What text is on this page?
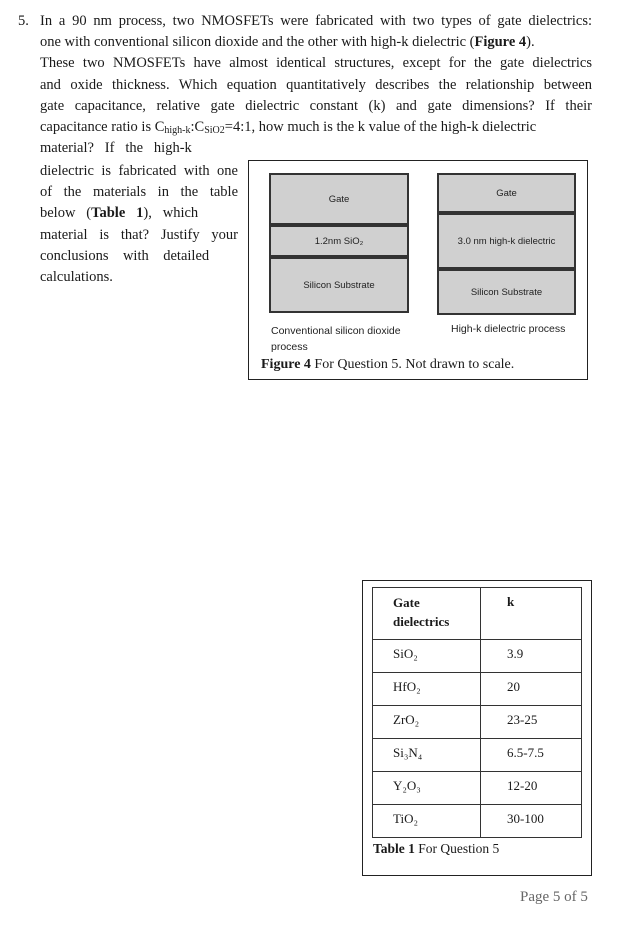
5. In a 90 nm process, two NMOSFETs were fabricated with two types of gate dielectrics:
one with conventional silicon dioxide and the other with high-k dielectric (Figure 4).
These two NMOSFETs have almost identical structures, except for the gate dielectrics
and oxide thickness. Which equation quantitatively describes the relationship between
gate capacitance, relative gate dielectric constant (k) and gate dimensions? If their
capacitance ratio is $C_{high-k}:C_{SiO2}=4:1$, how much is the k value of the high-k dielectric
material?   If   the   high-k
dielectric is fabricated with one
of the materials in the table
below   (Table   1),   which
material is that? Justify your
conclusions    with    detailed
calculations.
Gate
1.2nm SiO₂
Silicon Substrate
Gate
3.0 nm high-k dielectric
Silicon Substrate
Conventional silicon dioxide
process
High-k dielectric process
Figure 4 For Question 5. Not drawn to scale.
Gate
dielectrics	k
SiO₂	3.9
HfO₂	20
ZrO₂	23-25
Si₃N₄	6.5-7.5
Y₂O₃	12-20
TiO₂	30-100
Table 1 For Question 5
Page 5 of 5
